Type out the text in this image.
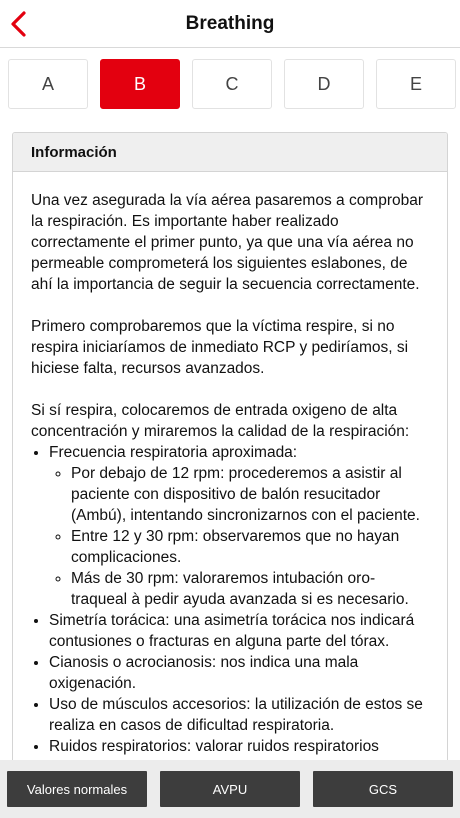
Breathing
A	B	C	D	E
Información

Una vez asegurada la vía aérea pasaremos a comprobar la respiración. Es importante haber realizado correctamente el primer punto, ya que una vía aérea no permeable comprometerá los siguientes eslabones, de ahí la importancia de seguir la secuencia correctamente.

Primero comprobaremos que la víctima respire, si no respira iniciaríamos de inmediato RCP y pediríamos, si hiciese falta, recursos avanzados.

Si sí respira, colocaremos de entrada oxigeno de alta concentración y miraremos la calidad de la respiración:
• Frecuencia respiratoria aproximada:
◦ Por debajo de 12 rpm: procederemos a asistir al paciente con dispositivo de balón resucitador (Ambú), intentando sincronizarnos con el paciente.
◦ Entre 12 y 30 rpm: observaremos que no hayan complicaciones.
◦ Más de 30 rpm: valoraremos intubación oro-traqueal à pedir ayuda avanzada si es necesario.
• Simetría torácica: una asimetría torácica nos indicará contusiones o fracturas en alguna parte del tórax.
• Cianosis o acrocianosis: nos indica una mala oxigenación.
• Uso de músculos accesorios: la utilización de estos se realiza en casos de dificultad respiratoria.
• Ruidos respiratorios: valorar ruidos respiratorios
Valores normales	AVPU	GCS
